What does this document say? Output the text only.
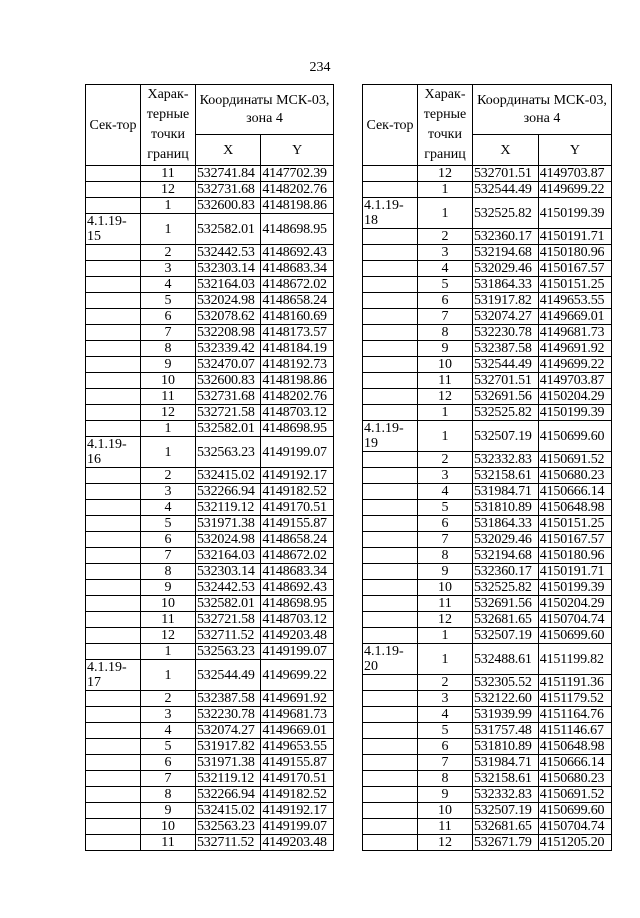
234
Сек-тор	Харак-терные точки границ	Координаты МСК-03, зона 4	
		X	Y
	11	532741.84	4147702.39
	12	532731.68	4148202.76
	1	532600.83	4148198.86
4.1.19-15	1	532582.01	4148698.95
	2	532442.53	4148692.43
	3	532303.14	4148683.34
	4	532164.03	4148672.02
	5	532024.98	4148658.24
	6	532078.62	4148160.69
	7	532208.98	4148173.57
	8	532339.42	4148184.19
	9	532470.07	4148192.73
	10	532600.83	4148198.86
	11	532731.68	4148202.76
	12	532721.58	4148703.12
	1	532582.01	4148698.95
4.1.19-16	1	532563.23	4149199.07
	2	532415.02	4149192.17
	3	532266.94	4149182.52
	4	532119.12	4149170.51
	5	531971.38	4149155.87
	6	532024.98	4148658.24
	7	532164.03	4148672.02
	8	532303.14	4148683.34
	9	532442.53	4148692.43
	10	532582.01	4148698.95
	11	532721.58	4148703.12
	12	532711.52	4149203.48
	1	532563.23	4149199.07
4.1.19-17	1	532544.49	4149699.22
	2	532387.58	4149691.92
	3	532230.78	4149681.73
	4	532074.27	4149669.01
	5	531917.82	4149653.55
	6	531971.38	4149155.87
	7	532119.12	4149170.51
	8	532266.94	4149182.52
	9	532415.02	4149192.17
	10	532563.23	4149199.07
	11	532711.52	4149203.48
Сек-тор	Харак-терные точки границ	Координаты МСК-03, зона 4	
		X	Y
	12	532701.51	4149703.87
	1	532544.49	4149699.22
4.1.19-18	1	532525.82	4150199.39
	2	532360.17	4150191.71
	3	532194.68	4150180.96
	4	532029.46	4150167.57
	5	531864.33	4150151.25
	6	531917.82	4149653.55
	7	532074.27	4149669.01
	8	532230.78	4149681.73
	9	532387.58	4149691.92
	10	532544.49	4149699.22
	11	532701.51	4149703.87
	12	532691.56	4150204.29
	1	532525.82	4150199.39
4.1.19-19	1	532507.19	4150699.60
	2	532332.83	4150691.52
	3	532158.61	4150680.23
	4	531984.71	4150666.14
	5	531810.89	4150648.98
	6	531864.33	4150151.25
	7	532029.46	4150167.57
	8	532194.68	4150180.96
	9	532360.17	4150191.71
	10	532525.82	4150199.39
	11	532691.56	4150204.29
	12	532681.65	4150704.74
	1	532507.19	4150699.60
4.1.19-20	1	532488.61	4151199.82
	2	532305.52	4151191.36
	3	532122.60	4151179.52
	4	531939.99	4151164.76
	5	531757.48	4151146.67
	6	531810.89	4150648.98
	7	531984.71	4150666.14
	8	532158.61	4150680.23
	9	532332.83	4150691.52
	10	532507.19	4150699.60
	11	532681.65	4150704.74
	12	532671.79	4151205.20
